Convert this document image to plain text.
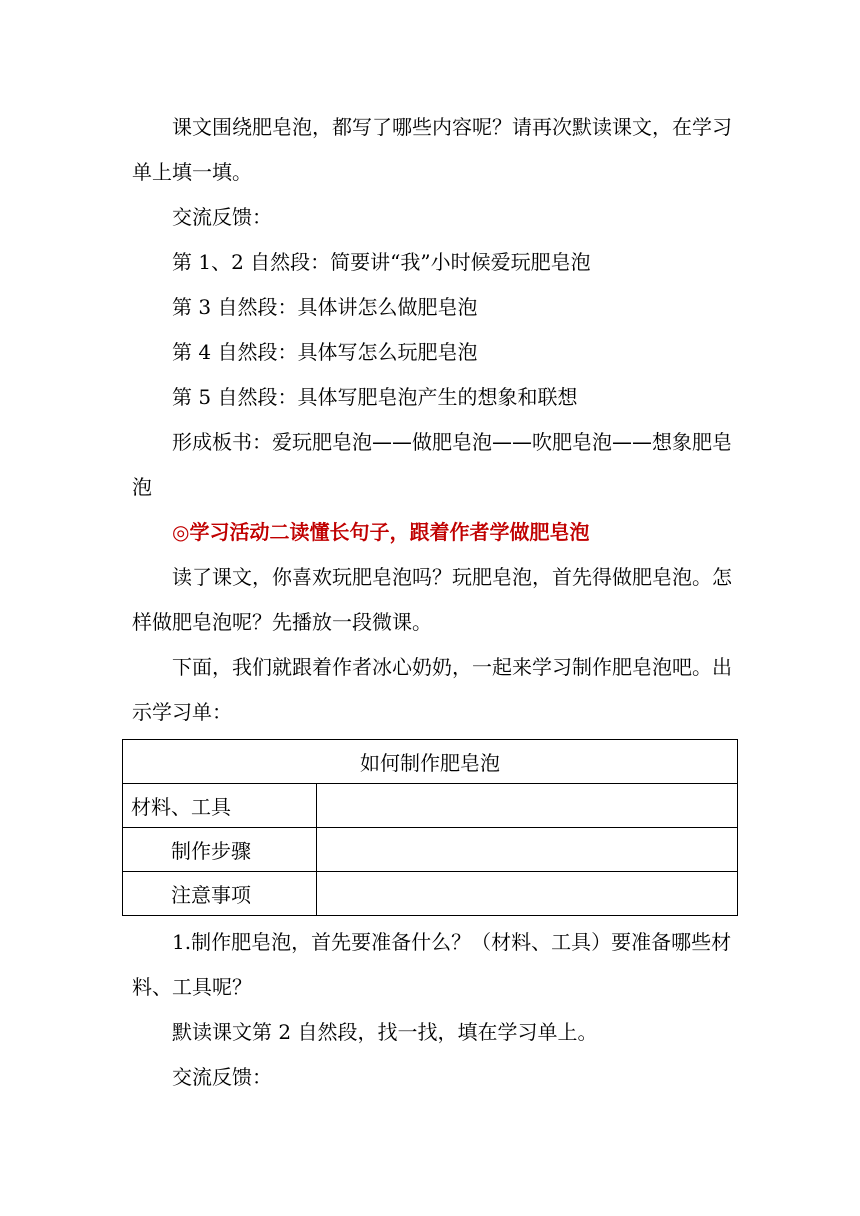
课文围绕肥皂泡，都写了哪些内容呢？请再次默读课文，在学习单上填一填。

交流反馈：

第 1、2 自然段：简要讲“我”小时候爱玩肥皂泡

第 3 自然段：具体讲怎么做肥皂泡

第 4 自然段：具体写怎么玩肥皂泡

第 5 自然段：具体写肥皂泡产生的想象和联想

形成板书：爱玩肥皂泡——做肥皂泡——吹肥皂泡——想象肥皂泡

◎学习活动二读懂长句子，跟着作者学做肥皂泡

读了课文，你喜欢玩肥皂泡吗？玩肥皂泡，首先得做肥皂泡。怎样做肥皂泡呢？先播放一段微课。

下面，我们就跟着作者冰心奶奶，一起来学习制作肥皂泡吧。出示学习单：

如何制作肥皂泡	
材料、工具	
制作步骤	
注意事项	

1.制作肥皂泡，首先要准备什么？（材料、工具）要准备哪些材料、工具呢？

默读课文第 2 自然段，找一找，填在学习单上。

交流反馈：
